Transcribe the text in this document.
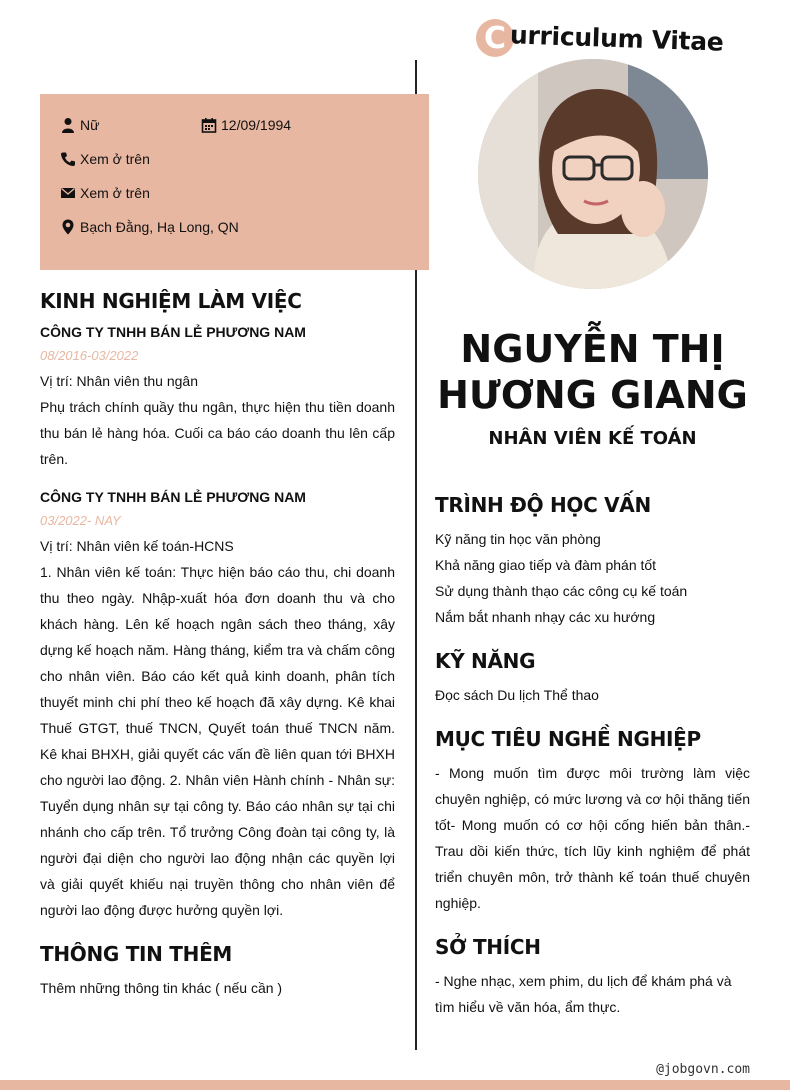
C urriculum Vitae
Nữ	12/09/1994
Xem ở trên
Xem ở trên
Bạch Đằng, Hạ Long, QN
KINH NGHIỆM LÀM VIỆC
CÔNG TY TNHH BÁN LẺ PHƯƠNG NAM
08/2016-03/2022
Vị trí: Nhân viên thu ngân
Phụ trách chính quầy thu ngân, thực hiện thu tiền doanh thu bán lẻ hàng hóa. Cuối ca báo cáo doanh thu lên cấp trên.
CÔNG TY TNHH BÁN LẺ PHƯƠNG NAM
03/2022- NAY
Vị trí: Nhân viên kế toán-HCNS
1. Nhân viên kế toán: Thực hiện báo cáo thu, chi doanh thu theo ngày. Nhập-xuất hóa đơn doanh thu và cho khách hàng. Lên kế hoạch ngân sách theo tháng, xây dựng kế hoạch năm. Hàng tháng, kiểm tra và chấm công cho nhân viên. Báo cáo kết quả kinh doanh, phân tích thuyết minh chi phí theo kế hoạch đã xây dựng. Kê khai Thuế GTGT, thuế TNCN, Quyết toán thuế TNCN năm. Kê khai BHXH, giải quyết các vấn đề liên quan tới BHXH cho người lao động. 2. Nhân viên Hành chính - Nhân sự: Tuyển dụng nhân sự tại công ty. Báo cáo nhân sự tại chi nhánh cho cấp trên. Tổ trưởng Công đoàn tại công ty, là người đại diện cho người lao động nhận các quyền lợi và giải quyết khiếu nại truyền thông cho nhân viên để người lao động được hưởng quyền lợi.
THÔNG TIN THÊM
Thêm những thông tin khác ( nếu cần )
NGUYỄN THỊ
HƯƠNG GIANG
NHÂN VIÊN KẾ TOÁN
TRÌNH ĐỘ HỌC VẤN
Kỹ năng tin học văn phòng
Khả năng giao tiếp và đàm phán tốt
Sử dụng thành thạo các công cụ kế toán
Nắm bắt nhanh nhạy các xu hướng
KỸ NĂNG
Đọc sách Du lịch Thể thao
MỤC TIÊU NGHỀ NGHIỆP
- Mong muốn tìm được môi trường làm việc chuyên nghiệp, có mức lương và cơ hội thăng tiến tốt- Mong muốn có cơ hội cống hiến bản thân.- Trau dồi kiến thức, tích lũy kinh nghiệm để phát triển chuyên môn, trở thành kế toán thuế chuyên nghiệp.
SỞ THÍCH
- Nghe nhạc, xem phim, du lịch để khám phá và tìm hiểu về văn hóa, ẩm thực.
@jobgovn.com
